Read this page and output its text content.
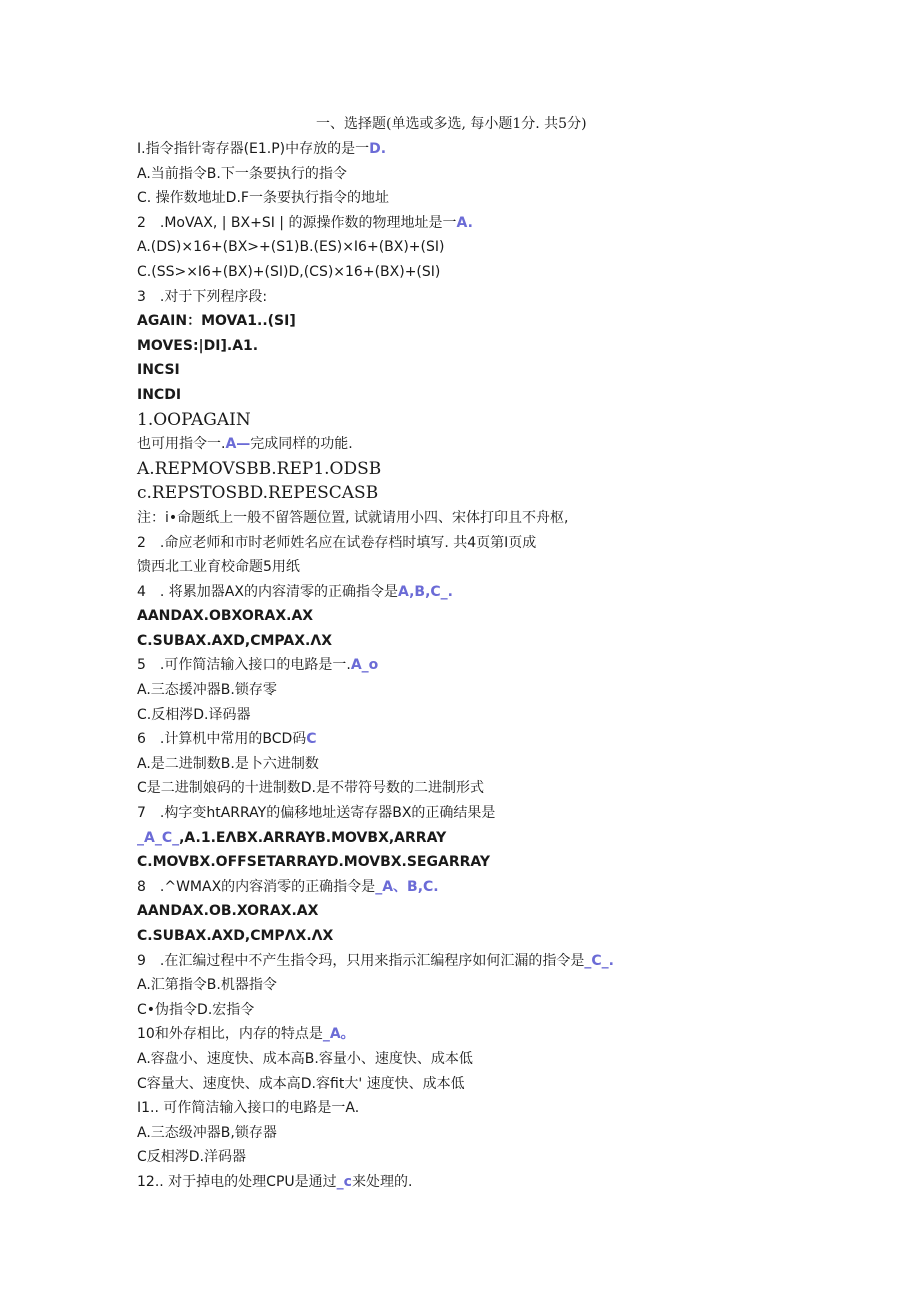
一、选择题(单选或多选, 每小题1分. 共5分)
I.指令指针寄存器(E1.P)中存放的是一D.
A.当前指令B.下一条要执行的指令
C. 操作数地址D.F一条要执行指令的地址
2　.MoVAX, | BX+SI | 的源操作数的物理地址是一A.
A.(DS)×16+(BX>+(S1)B.(ES)×I6+(BX)+(SI)
C.(SS>×I6+(BX)+(SI)D,(CS)×16+(BX)+(SI)
3　.对于下列程序段:
AGAIN：MOVA1..(SI]
MOVES:|DI].A1.
INCSI
INCDI
1.OOPAGAIN
也可用指令一.A—完成同样的功能.
A.REPMOVSBB.REP1.ODSB
c.REPSTOSBD.REPESCASB
注：i•命题纸上一般不留答题位置, 试就请用小四、宋体打印且不舟枢,
2　.命应老师和市时老师姓名应在试卷存档时填写. 共4页第I页成
馈西北工业育校命题5用纸
4　. 将累加器AX的内容清零的正确指令是A,B,C_.
AANDAX.OBXORAX.AX
C.SUBAX.AXD,CMPAX.ΛX
5　.可作简洁输入接口的电路是一.A_o
A.三态援冲器B.锁存零
C.反相涔D.译码器
6　.计算机中常用的BCD码C
A.是二进制数B.是卜六进制数
C是二进制娘码的十进制数D.是不带符号数的二进制形式
7　.构字变htARRAY的偏移地址送寄存器BX的正确结果是
_A_C_,A.1.EΛBX.ARRAYB.MOVBX,ARRAY
C.MOVBX.OFFSETARRAYD.MOVBX.SEGARRAY
8　.^WMAX的内容消零的正确指令是_A、B,C.
AANDAX.OB.XORAX.AX
C.SUBAX.AXD,CMPΛX.ΛX
9　.在汇编过程中不产生指令玛，只用来指示汇编程序如何汇漏的指令是_C_.
A.汇第指令B.机器指令
C•伪指令D.宏指令
10和外存相比，内存的特点是_A。
A.容盘小、速度快、成本高B.容量小、速度快、成本低
C容量大、速度快、成本高D.容fit大' 速度快、成本低
I1.. 可作简洁输入接口的电路是一A.
A.三态级冲器B,锁存器
C反相涔D.洋码器
12.. 对于掉电的处理CPU是通过_c来处理的.
